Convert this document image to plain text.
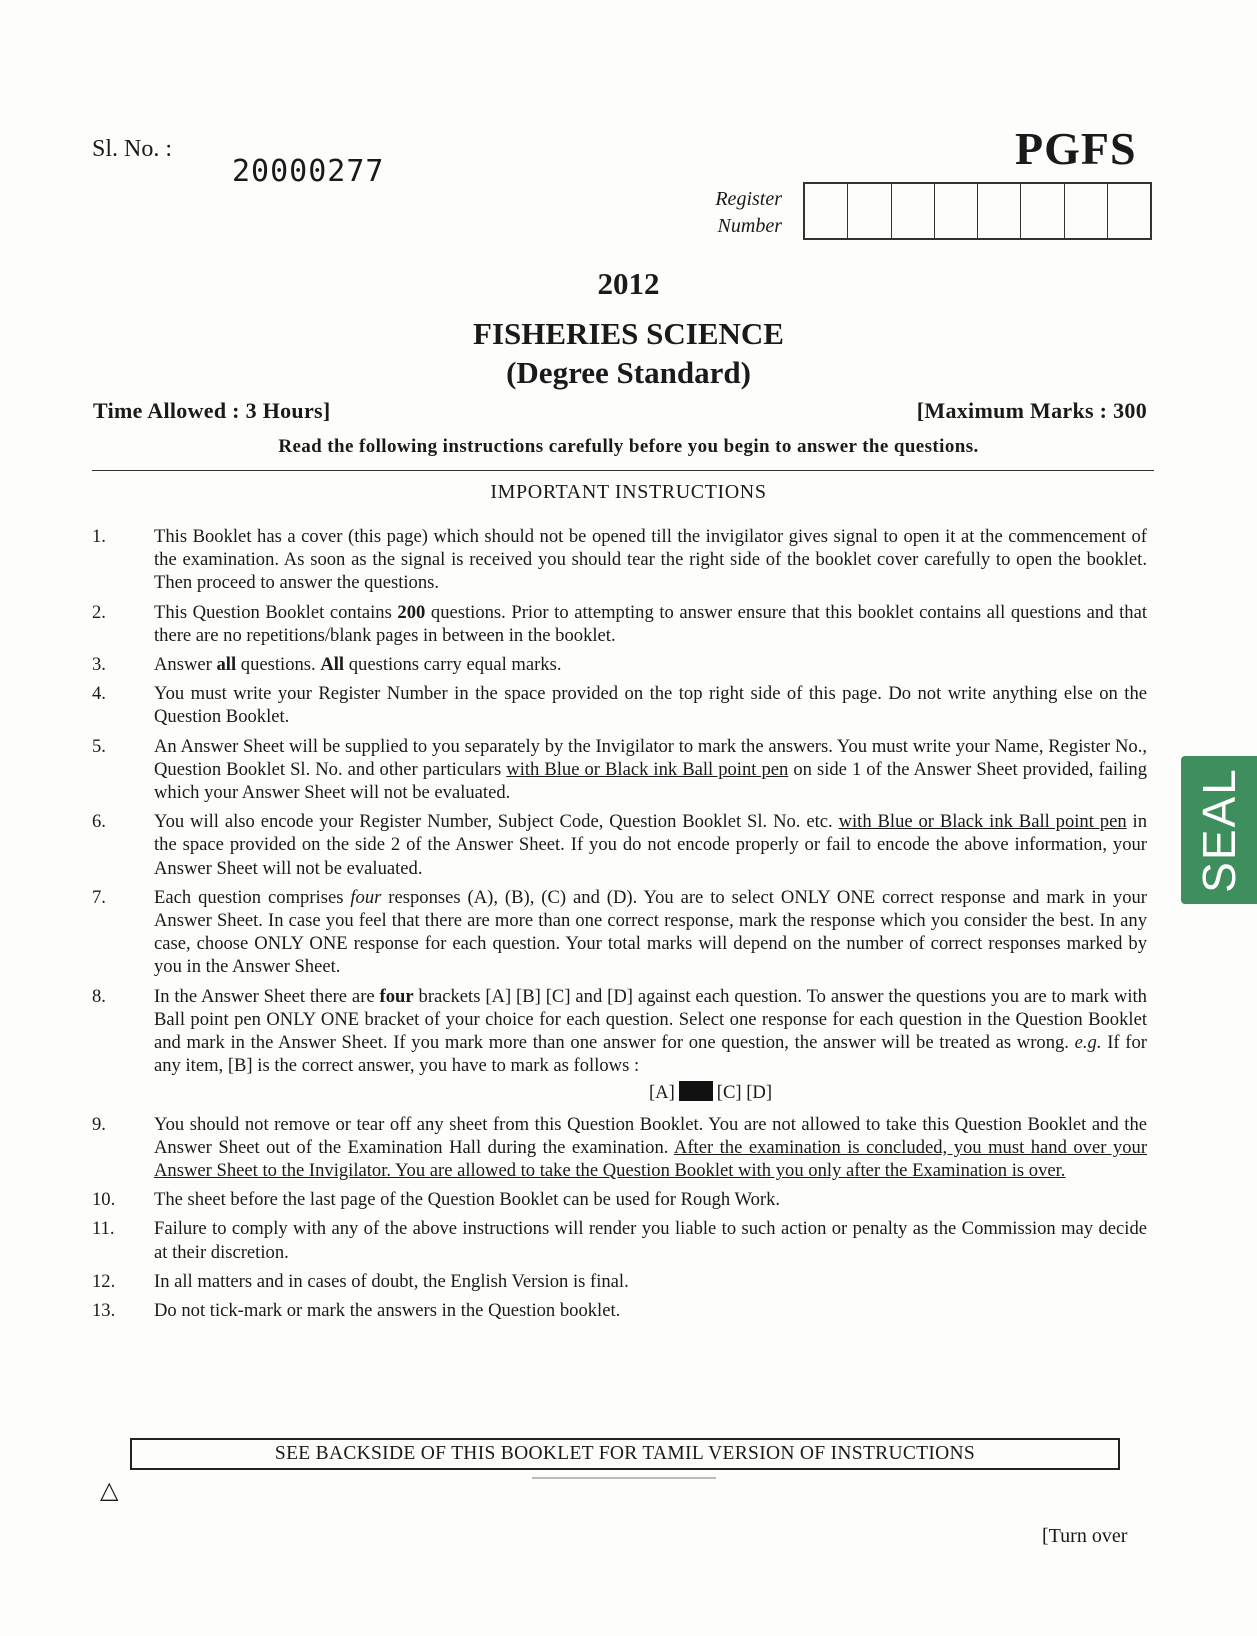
Sl. No. :
20000277	PGFS
Register
Number
2012
FISHERIES SCIENCE
(Degree Standard)
Time Allowed : 3 Hours]	[Maximum Marks : 300
Read the following instructions carefully before you begin to answer the questions.
IMPORTANT INSTRUCTIONS
1.	This Booklet has a cover (this page) which should not be opened till the invigilator gives signal to open it at the commencement of the examination. As soon as the signal is received you should tear the right side of the booklet cover carefully to open the booklet. Then proceed to answer the questions.
2.	This Question Booklet contains 200 questions. Prior to attempting to answer ensure that this booklet contains all questions and that there are no repetitions/blank pages in between in the booklet.
3.	Answer all questions. All questions carry equal marks.
4.	You must write your Register Number in the space provided on the top right side of this page. Do not write anything else on the Question Booklet.
5.	An Answer Sheet will be supplied to you separately by the Invigilator to mark the answers. You must write your Name, Register No., Question Booklet Sl. No. and other particulars with Blue or Black ink Ball point pen on side 1 of the Answer Sheet provided, failing which your Answer Sheet will not be evaluated.
6.	You will also encode your Register Number, Subject Code, Question Booklet Sl. No. etc. with Blue or Black ink Ball point pen in the space provided on the side 2 of the Answer Sheet. If you do not encode properly or fail to encode the above information, your Answer Sheet will not be evaluated.
7.	Each question comprises four responses (A), (B), (C) and (D). You are to select ONLY ONE correct response and mark in your Answer Sheet. In case you feel that there are more than one correct response, mark the response which you consider the best. In any case, choose ONLY ONE response for each question. Your total marks will depend on the number of correct responses marked by you in the Answer Sheet.
8.	In the Answer Sheet there are four brackets [A] [B] [C] and [D] against each question. To answer the questions you are to mark with Ball point pen ONLY ONE bracket of your choice for each question. Select one response for each question in the Question Booklet and mark in the Answer Sheet. If you mark more than one answer for one question, the answer will be treated as wrong. e.g. If for any item, [B] is the correct answer, you have to mark as follows :
[A] [C] [D]
9.	You should not remove or tear off any sheet from this Question Booklet. You are not allowed to take this Question Booklet and the Answer Sheet out of the Examination Hall during the examination. After the examination is concluded, you must hand over your Answer Sheet to the Invigilator. You are allowed to take the Question Booklet with you only after the Examination is over.
10.	The sheet before the last page of the Question Booklet can be used for Rough Work.
11.	Failure to comply with any of the above instructions will render you liable to such action or penalty as the Commission may decide at their discretion.
12.	In all matters and in cases of doubt, the English Version is final.
13.	Do not tick-mark or mark the answers in the Question booklet.
SEE BACKSIDE OF THIS BOOKLET FOR TAMIL VERSION OF INSTRUCTIONS
△
[Turn over
SEAL
